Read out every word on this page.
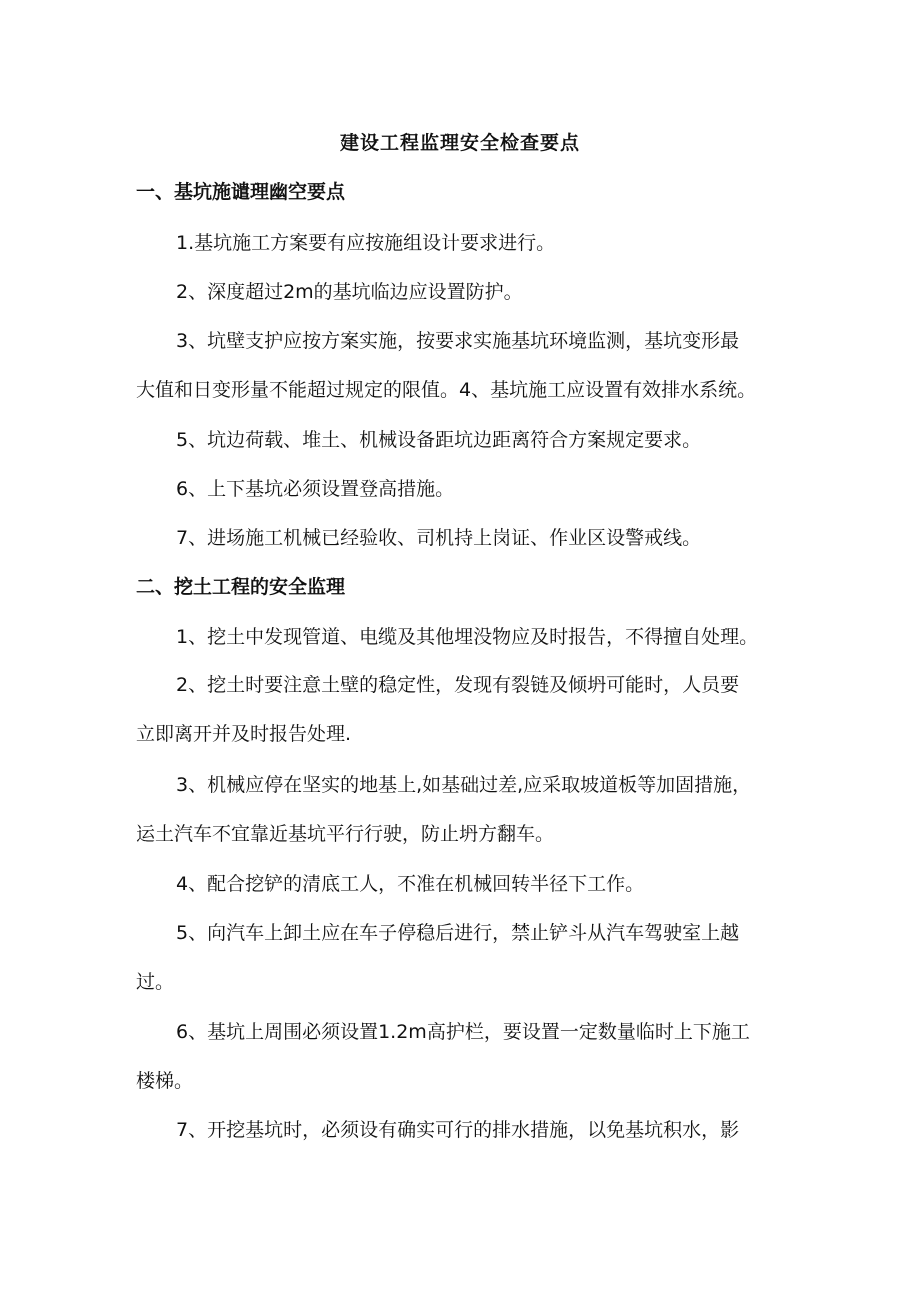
建设工程监理安全检查要点
一、基坑施谴理幽空要点
1.基坑施工方案要有应按施组设计要求进行。
2、深度超过2m的基坑临边应设置防护。
3、坑壁支护应按方案实施，按要求实施基坑环境监测，基坑变形最
大值和日变形量不能超过规定的限值。4、基坑施工应设置有效排水系统。
5、坑边荷载、堆土、机械设备距坑边距离符合方案规定要求。
6、上下基坑必须设置登高措施。
7、进场施工机械已经验收、司机持上岗证、作业区设警戒线。
二、挖土工程的安全监理
1、挖土中发现管道、电缆及其他埋没物应及时报告，不得擅自处理。
2、挖土时要注意土壁的稳定性，发现有裂链及倾坍可能时，人员要
立即离开并及时报告处理.
3、机械应停在坚实的地基上,如基础过差,应采取坡道板等加固措施，
运土汽车不宜靠近基坑平行行驶，防止坍方翻车。
4、配合挖铲的清底工人，不准在机械回转半径下工作。
5、向汽车上卸土应在车子停稳后进行，禁止铲斗从汽车驾驶室上越
过。
6、基坑上周围必须设置1.2m高护栏，要设置一定数量临时上下施工
楼梯。
7、开挖基坑时，必须设有确实可行的排水措施，以免基坑积水，影
